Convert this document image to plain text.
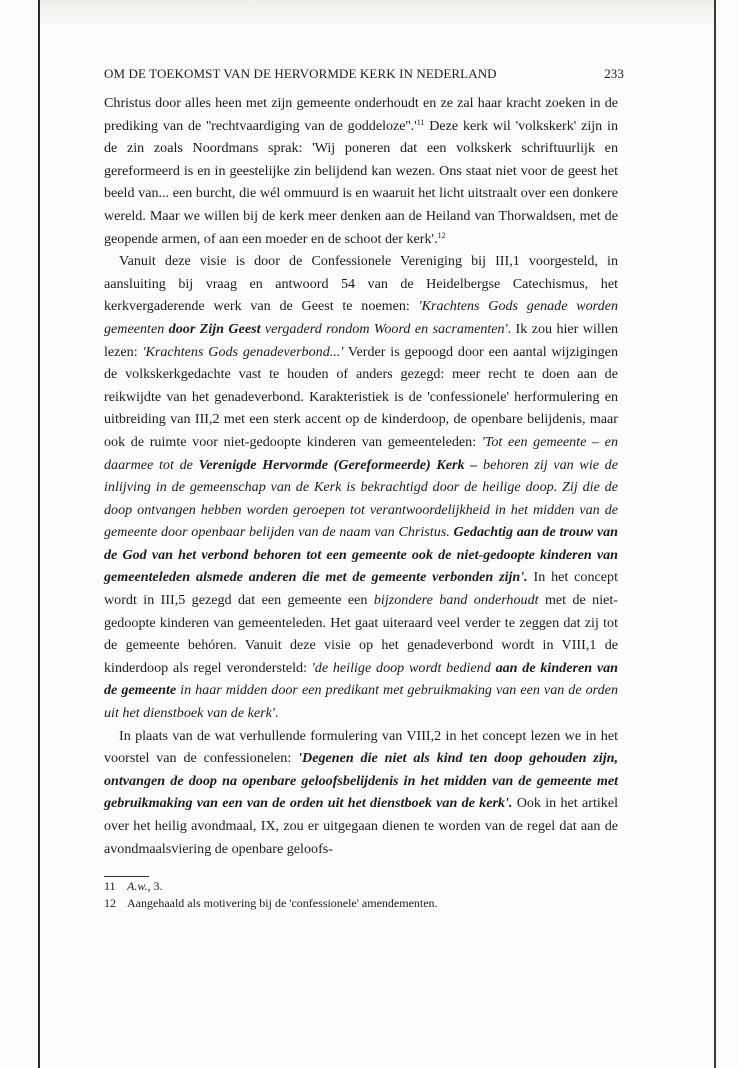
OM DE TOEKOMST VAN DE HERVORMDE KERK IN NEDERLAND	233

Christus door alles heen met zijn gemeente onderhoudt en ze zal haar kracht zoeken in de prediking van de ''rechtvaardiging van de $goddeloze''.'^{11}$ Deze kerk wil 'volkskerk' zijn in de zin zoals Noordmans sprak: 'Wij poneren dat een volkskerk schriftuurlijk en gereformeerd is en in geestelijke zin belijdend kan wezen. Ons staat niet voor de geest het beeld van... een burcht, die wél ommuurd is en waaruit het licht uitstraalt over een donkere wereld. Maar we willen bij de kerk meer denken aan de Heiland van Thorwaldsen, met de geopende armen, of aan een moeder en de schoot der kerk'.$^{12}$

Vanuit deze visie is door de Confessionele Vereniging bij III,1 voorgesteld, in aansluiting bij vraag en antwoord 54 van de Heidelbergse Catechismus, het kerkvergaderende werk van de Geest te noemen: 'Krachtens Gods genade worden gemeenten door Zijn Geest vergaderd rondom Woord en sacramenten'. Ik zou hier willen lezen: 'Krachtens Gods genadeverbond...' Verder is gepoogd door een aantal wijzigingen de volkskerkgedachte vast te houden of anders gezegd: meer recht te doen aan de reikwijdte van het genadeverbond. Karakteristiek is de 'confessionele' herformulering en uitbreiding van III,2 met een sterk accent op de kinderdoop, de openbare belijdenis, maar ook de ruimte voor niet-gedoopte kinderen van gemeenteleden: 'Tot een gemeente – en daarmee tot de Verenigde Hervormde (Gereformeerde) Kerk – behoren zij van wie de inlijving in de gemeenschap van de Kerk is bekrachtigd door de heilige doop. Zij die de doop ontvangen hebben worden geroepen tot verantwoordelijkheid in het midden van de gemeente door openbaar belijden van de naam van Christus. Gedachtig aan de trouw van de God van het verbond behoren tot een gemeente ook de niet-gedoopte kinderen van gemeenteleden alsmede anderen die met de gemeente verbonden zijn'. In het concept wordt in III,5 gezegd dat een gemeente een bijzondere band onderhoudt met de niet-gedoopte kinderen van gemeenteleden. Het gaat uiteraard veel verder te zeggen dat zij tot de gemeente behóren. Vanuit deze visie op het genadeverbond wordt in VIII,1 de kinderdoop als regel verondersteld: 'de heilige doop wordt bediend aan de kinderen van de gemeente in haar midden door een predikant met gebruikmaking van een van de orden uit het dienstboek van de kerk'.

In plaats van de wat verhullende formulering van VIII,2 in het concept lezen we in het voorstel van de confessionelen: 'Degenen die niet als kind ten doop gehouden zijn, ontvangen de doop na openbare geloofsbelijdenis in het midden van de gemeente met gebruikmaking van een van de orden uit het dienstboek van de kerk'. Ook in het artikel over het heilig avondmaal, IX, zou er uitgegaan dienen te worden van de regel dat aan de avondmaalsviering de openbare geloofs-

11 A.w., 3.
12 Aangehaald als motivering bij de 'confessionele' amendementen.
